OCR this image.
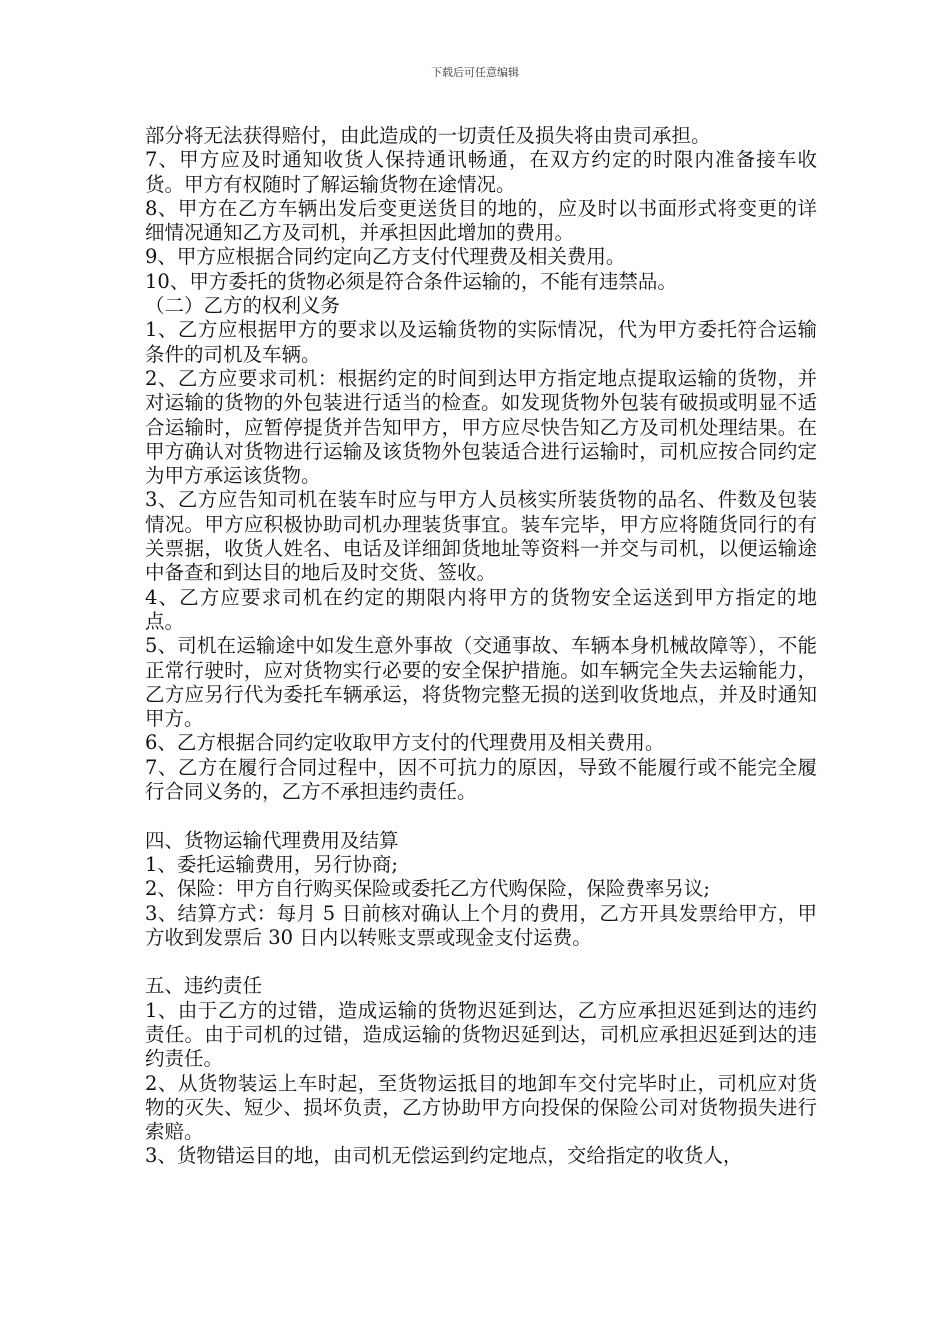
下载后可任意编辑

部分将无法获得赔付，由此造成的一切责任及损失将由贵司承担。

7、甲方应及时通知收货人保持通讯畅通，在双方约定的时限内准备接车收货。甲方有权随时了解运输货物在途情况。

8、甲方在乙方车辆出发后变更送货目的地的，应及时以书面形式将变更的详细情况通知乙方及司机，并承担因此增加的费用。

9、甲方应根据合同约定向乙方支付代理费及相关费用。

10、甲方委托的货物必须是符合条件运输的，不能有违禁品。

（二）乙方的权利义务

1、乙方应根据甲方的要求以及运输货物的实际情况，代为甲方委托符合运输条件的司机及车辆。

2、乙方应要求司机：根据约定的时间到达甲方指定地点提取运输的货物，并对运输的货物的外包装进行适当的检查。如发现货物外包装有破损或明显不适合运输时，应暂停提货并告知甲方，甲方应尽快告知乙方及司机处理结果。在甲方确认对货物进行运输及该货物外包装适合进行运输时，司机应按合同约定为甲方承运该货物。

3、乙方应告知司机在装车时应与甲方人员核实所装货物的品名、件数及包装情况。甲方应积极协助司机办理装货事宜。装车完毕，甲方应将随货同行的有关票据，收货人姓名、电话及详细卸货地址等资料一并交与司机，以便运输途中备查和到达目的地后及时交货、签收。

4、乙方应要求司机在约定的期限内将甲方的货物安全运送到甲方指定的地点。

5、司机在运输途中如发生意外事故（交通事故、车辆本身机械故障等），不能正常行驶时，应对货物实行必要的安全保护措施。如车辆完全失去运输能力，乙方应另行代为委托车辆承运，将货物完整无损的送到收货地点，并及时通知甲方。

6、乙方根据合同约定收取甲方支付的代理费用及相关费用。

7、乙方在履行合同过程中，因不可抗力的原因，导致不能履行或不能完全履行合同义务的，乙方不承担违约责任。

四、货物运输代理费用及结算

1、委托运输费用，另行协商;

2、保险：甲方自行购买保险或委托乙方代购保险，保险费率另议;

3、结算方式：每月 5 日前核对确认上个月的费用，乙方开具发票给甲方，甲方收到发票后 30 日内以转账支票或现金支付运费。

五、违约责任

1、由于乙方的过错，造成运输的货物迟延到达，乙方应承担迟延到达的违约责任。由于司机的过错，造成运输的货物迟延到达，司机应承担迟延到达的违约责任。

2、从货物装运上车时起，至货物运抵目的地卸车交付完毕时止，司机应对货物的灭失、短少、损坏负责，乙方协助甲方向投保的保险公司对货物损失进行索赔。

3、货物错运目的地，由司机无偿运到约定地点，交给指定的收货人，
